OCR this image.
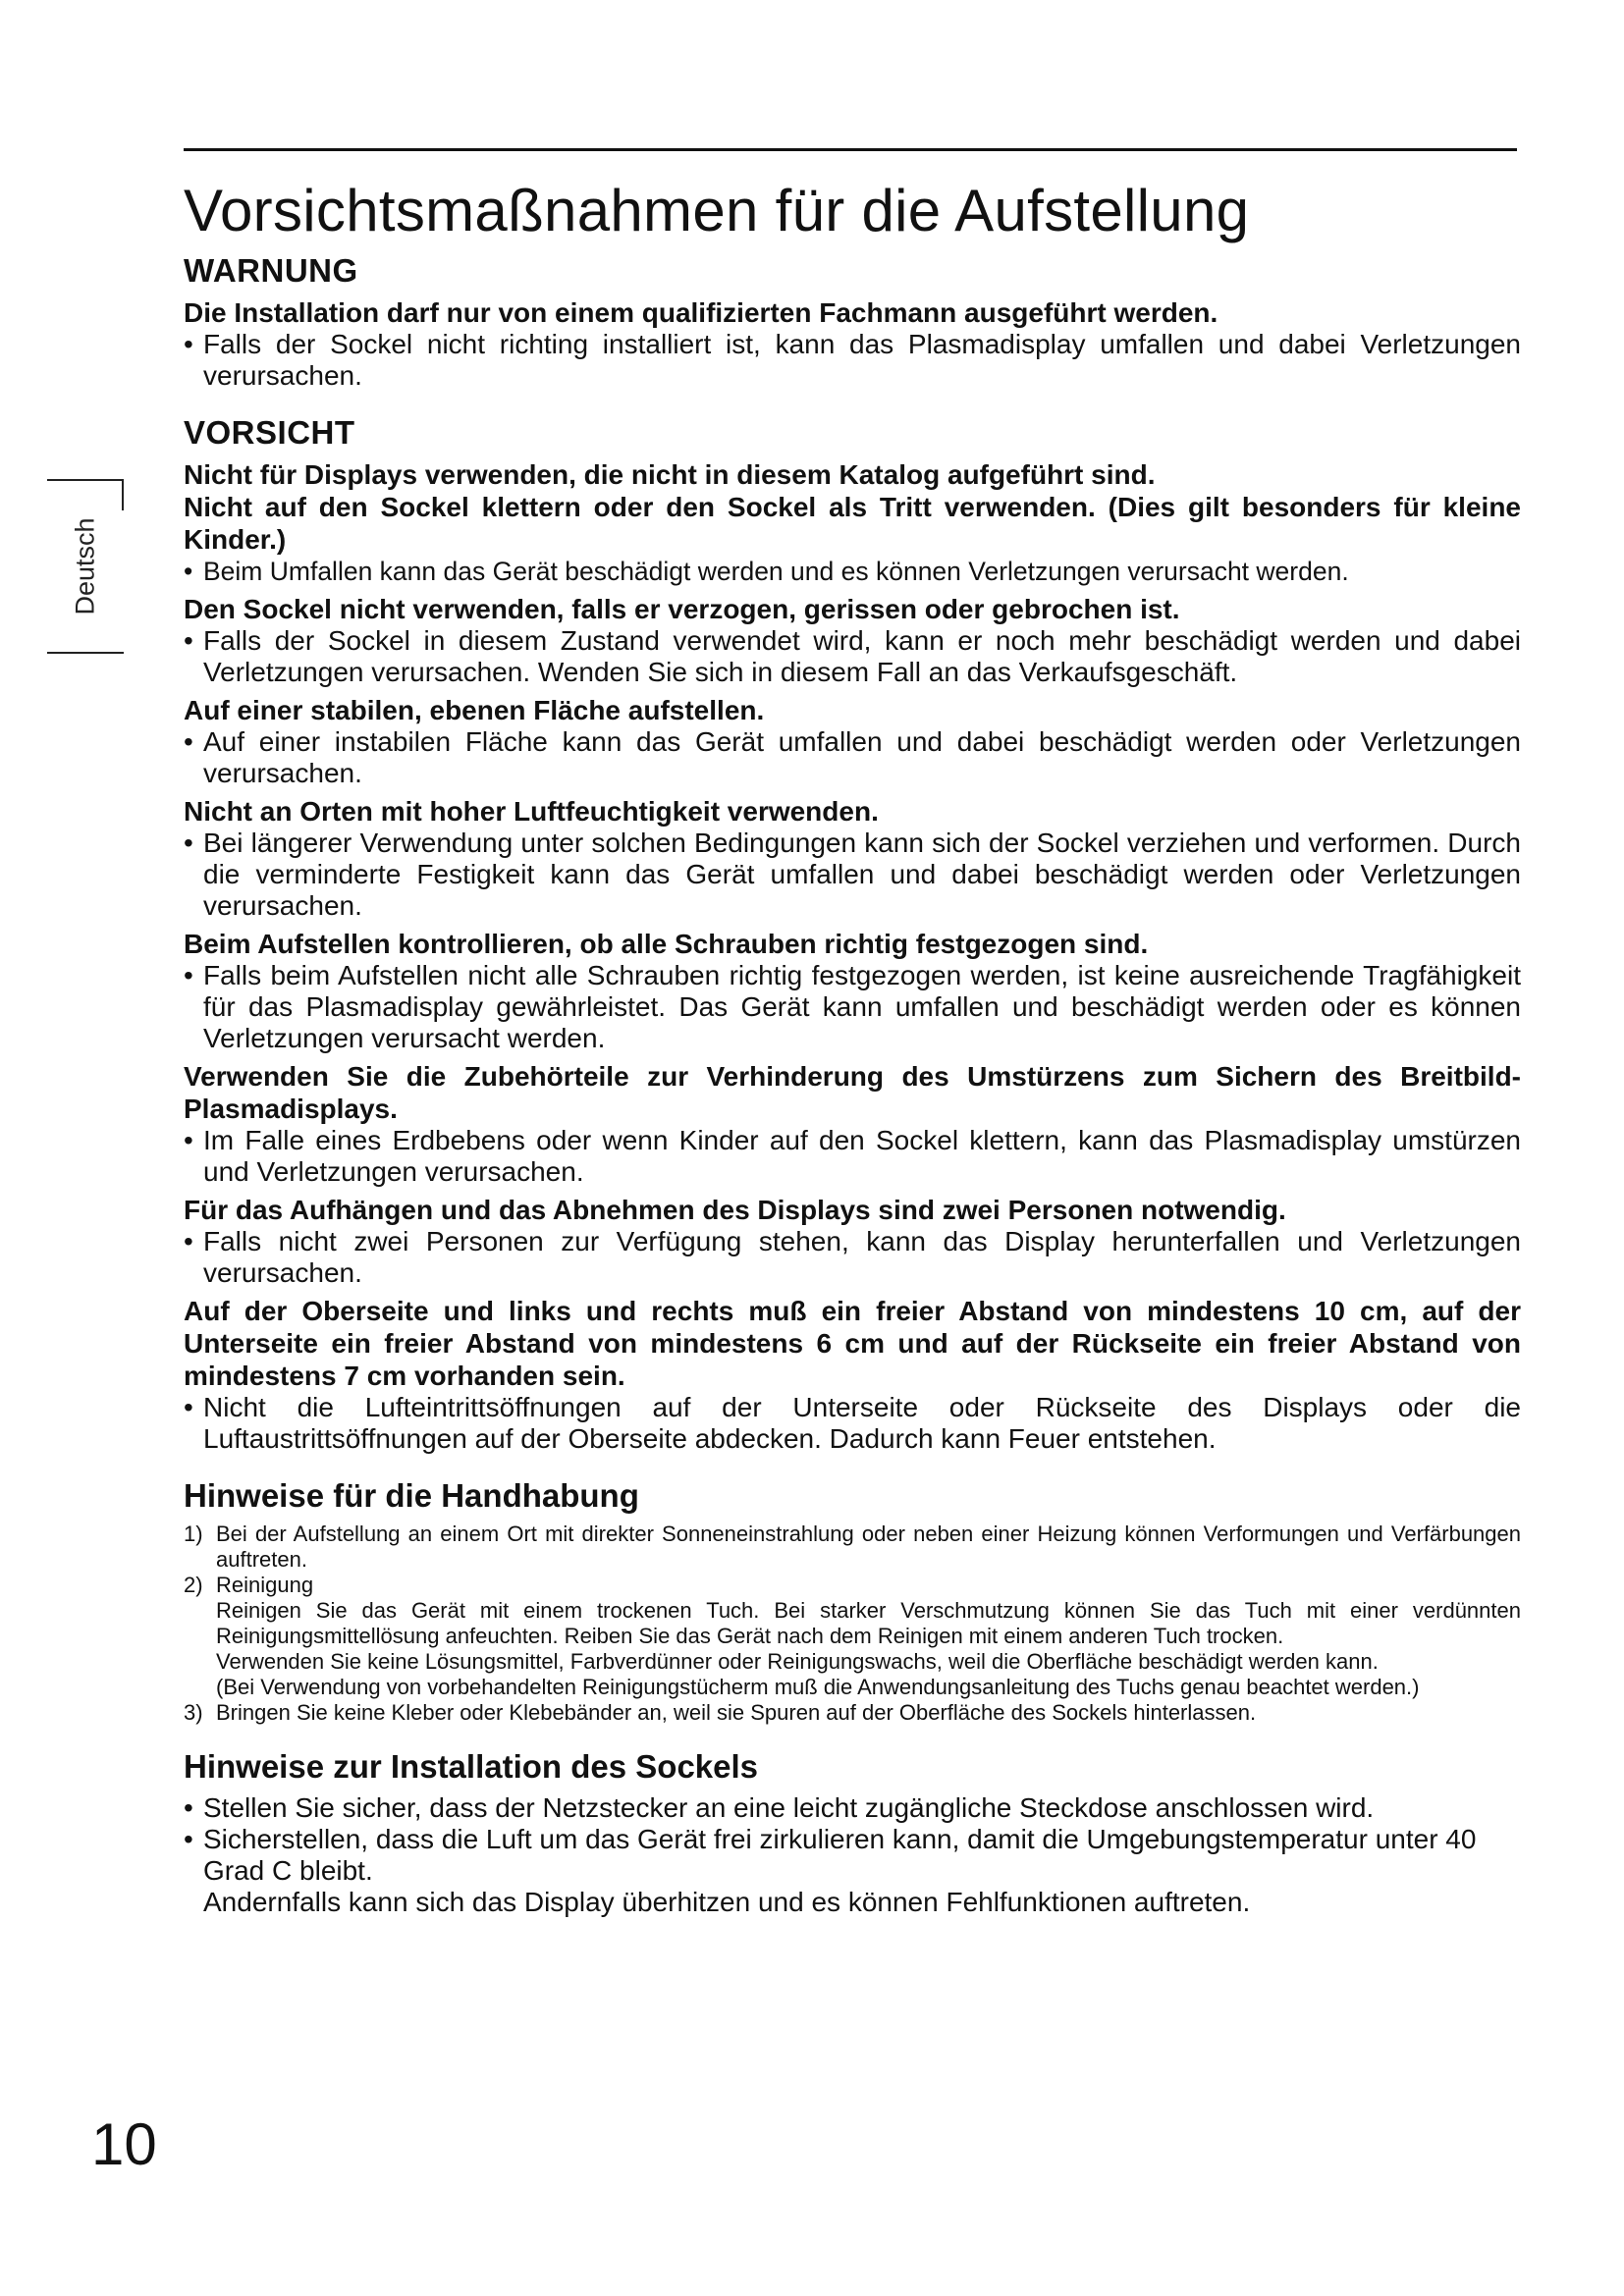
Vorsichtsmaßnahmen für die Aufstellung
Deutsch
WARNUNG

Die Installation darf nur von einem qualifizierten Fachmann ausgeführt werden.

• Falls der Sockel nicht richting installiert ist, kann das Plasmadisplay umfallen und dabei Verletzungen verursachen.

VORSICHT

Nicht für Displays verwenden, die nicht in diesem Katalog aufgeführt sind.
Nicht auf den Sockel klettern oder den Sockel als Tritt verwenden. (Dies gilt besonders für kleine Kinder.)

• Beim Umfallen kann das Gerät beschädigt werden und es können Verletzungen verursacht werden.

Den Sockel nicht verwenden, falls er verzogen, gerissen oder gebrochen ist.

• Falls der Sockel in diesem Zustand verwendet wird, kann er noch mehr beschädigt werden und dabei Verletzungen verursachen. Wenden Sie sich in diesem Fall an das Verkaufsgeschäft.

Auf einer stabilen, ebenen Fläche aufstellen.

• Auf einer instabilen Fläche kann das Gerät umfallen und dabei beschädigt werden oder Verletzungen verursachen.

Nicht an Orten mit hoher Luftfeuchtigkeit verwenden.

• Bei längerer Verwendung unter solchen Bedingungen kann sich der Sockel verziehen und verformen. Durch die verminderte Festigkeit kann das Gerät umfallen und dabei beschädigt werden oder Verletzungen verursachen.

Beim Aufstellen kontrollieren, ob alle Schrauben richtig festgezogen sind.

• Falls beim Aufstellen nicht alle Schrauben richtig festgezogen werden, ist keine ausreichende Tragfähigkeit für das Plasmadisplay gewährleistet. Das Gerät kann umfallen und beschädigt werden oder es können Verletzungen verursacht werden.

Verwenden Sie die Zubehörteile zur Verhinderung des Umstürzens zum Sichern des Breitbild-Plasmadisplays.

• Im Falle eines Erdbebens oder wenn Kinder auf den Sockel klettern, kann das Plasmadisplay umstürzen und Verletzungen verursachen.

Für das Aufhängen und das Abnehmen des Displays sind zwei Personen notwendig.

• Falls nicht zwei Personen zur Verfügung stehen, kann das Display herunterfallen und Verletzungen verursachen.

Auf der Oberseite und links und rechts muß ein freier Abstand von mindestens 10 cm, auf der Unterseite ein freier Abstand von mindestens 6 cm und auf der Rückseite ein freier Abstand von mindestens 7 cm vorhanden sein.

• Nicht die Lufteintrittsöffnungen auf der Unterseite oder Rückseite des Displays oder die Luftaustrittsöffnungen auf der Oberseite abdecken. Dadurch kann Feuer entstehen.

Hinweise für die Handhabung
1) Bei der Aufstellung an einem Ort mit direkter Sonneneinstrahlung oder neben einer Heizung können Verformungen und Verfärbungen auftreten.
2) Reinigung
Reinigen Sie das Gerät mit einem trockenen Tuch. Bei starker Verschmutzung können Sie das Tuch mit einer verdünnten Reinigungsmittellösung anfeuchten. Reiben Sie das Gerät nach dem Reinigen mit einem anderen Tuch trocken.
Verwenden Sie keine Lösungsmittel, Farbverdünner oder Reinigungswachs, weil die Oberfläche beschädigt werden kann.
(Bei Verwendung von vorbehandelten Reinigungstücherm muß die Anwendungsanleitung des Tuchs genau beachtet werden.)
3) Bringen Sie keine Kleber oder Klebebänder an, weil sie Spuren auf der Oberfläche des Sockels hinterlassen.
Hinweise zur Installation des Sockels

• Stellen Sie sicher, dass der Netzstecker an eine leicht zugängliche Steckdose anschlossen wird.

• Sicherstellen, dass die Luft um das Gerät frei zirkulieren kann, damit die Umgebungstemperatur unter 40 Grad C bleibt.
Andernfalls kann sich das Display überhitzen und es können Fehlfunktionen auftreten.

10
